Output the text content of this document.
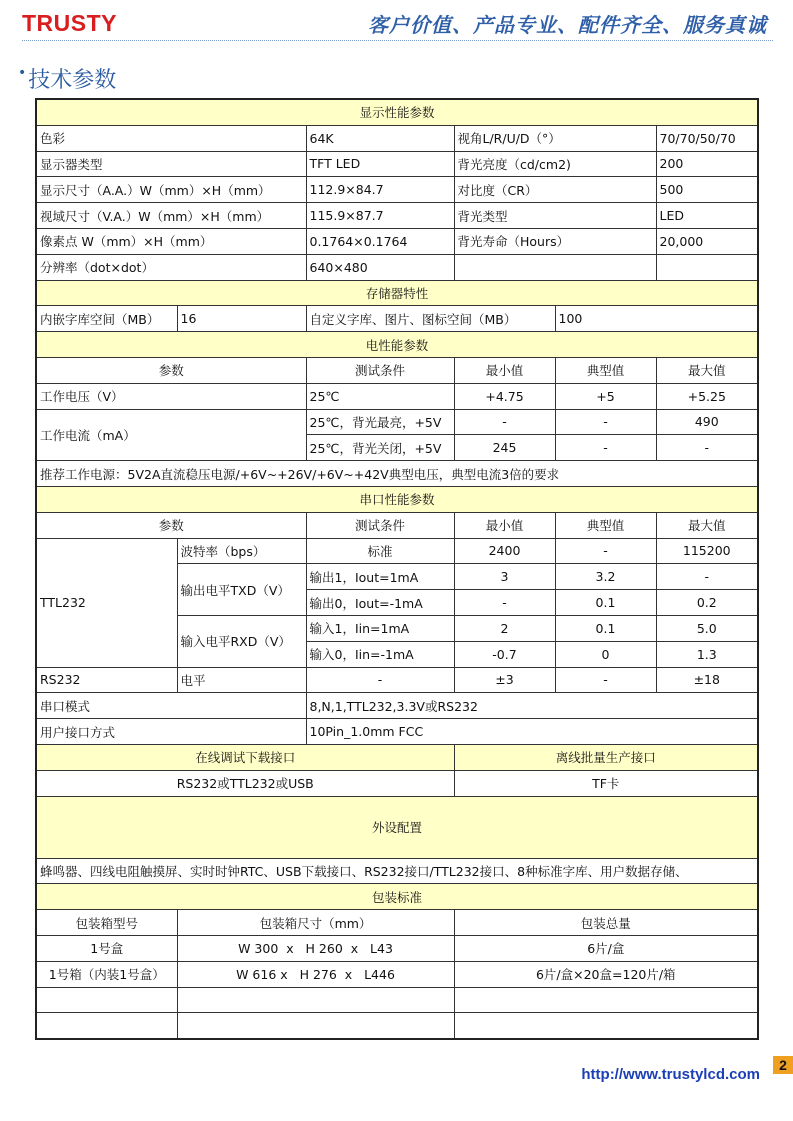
TRUSTY	客户价值、产品专业、配件齐全、服务真诚
•技术参数
显示性能参数					
色彩		64K	视角L/R/U/D（°）		70/70/50/70
显示器类型		TFT LED	背光亮度（cd/cm2)		200
显示尺寸（A.A.）W（mm）×H（mm）		112.9×84.7	对比度（CR）		500
视域尺寸（V.A.）W（mm）×H（mm）		115.9×87.7	背光类型		LED
像素点 W（mm）×H（mm）		0.1764×0.1764	背光寿命（Hours）		20,000
分辨率（dot×dot）		640×480			
存储器特性					
内嵌字库空间（MB）	16	自定义字库、图片、图标空间（MB）		100	
电性能参数					
参数		测试条件	最小值	典型值	最大值
工作电压（V）		25℃	+4.75	+5	+5.25
工作电流（mA）		25℃，背光最亮，+5V	-	-	490
		25℃，背光关闭，+5V	245	-	-
推荐工作电源：5V2A直流稳压电源/+6V~+26V/+6V~+42V典型电压，典型电流3倍的要求					
串口性能参数					
参数		测试条件	最小值	典型值	最大值
TTL232	波特率（bps）	标准	2400	-	115200
	输出电平TXD（V）	输出1，Iout=1mA	3	3.2	-
		输出0，Iout=-1mA	-	0.1	0.2
	输入电平RXD（V）	输入1，Iin=1mA	2	0.1	5.0
		输入0，Iin=-1mA	-0.7	0	1.3
RS232	电平	-	±3	-	±18
串口模式		8,N,1,TTL232,3.3V或RS232			
用户接口方式		10Pin_1.0mm FCC			
在线调试下载接口			离线批量生产接口		
RS232或TTL232或USB			TF卡		
外设配置					
蜂鸣器、四线电阻触摸屏、实时时钟RTC、USB下载接口、RS232接口/TTL232接口、8种标准字库、用户数据存储、					
包装标准					
包装箱型号	包装箱尺寸（mm）		包装总量		
1号盒	W 300  x   H 260  x   L43		6片/盒		
1号箱（内装1号盒）	W 616 x   H 276  x   L446		6片/盒×20盒=120片/箱		

2
http://www.trustylcd.com
